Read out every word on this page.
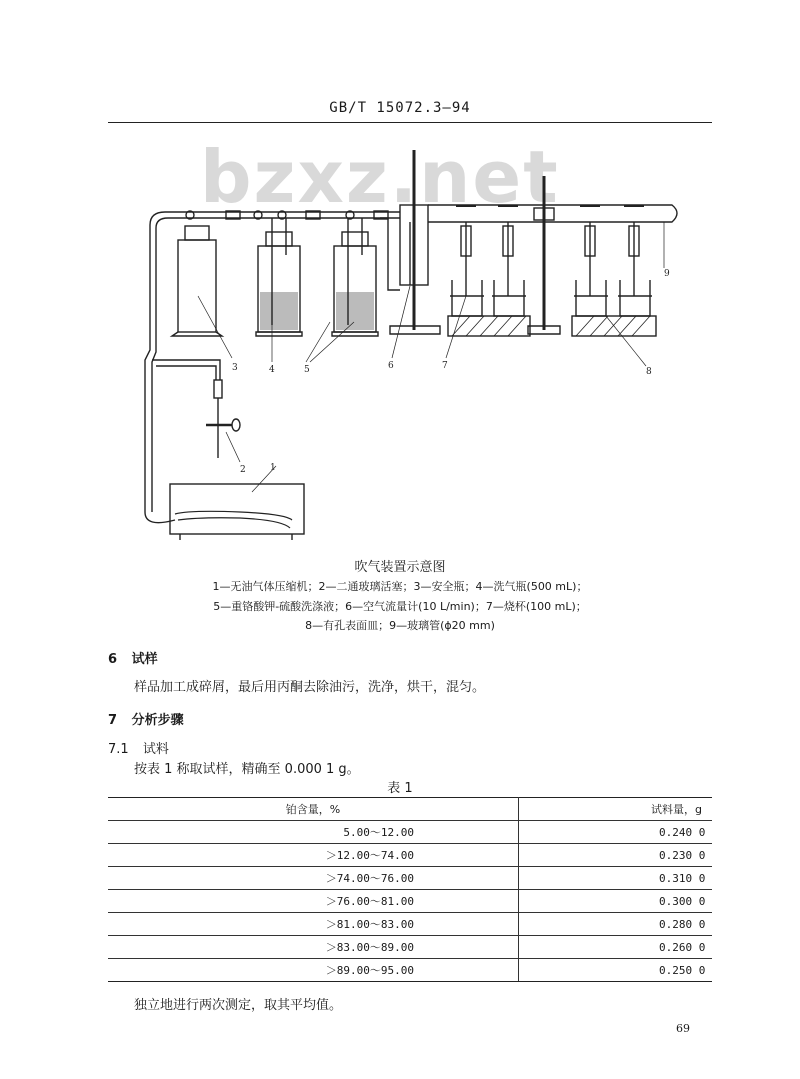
GB/T 15072.3—94
bzxz.net
1
2
3	4	5	6	7
8
9
吹气装置示意图
1—无油气体压缩机；2—二通玻璃活塞；3—安全瓶；4—洗气瓶(500 mL)；
5—重铬酸钾-硫酸洗涤液；6—空气流量计(10 L/min)；7—烧杯(100 mL)；
8—有孔表面皿；9—玻璃管(ϕ20 mm)
6 试样
样品加工成碎屑，最后用丙酮去除油污，洗净，烘干，混匀。
7 分析步骤
7.1 试料
按表 1 称取试样，精确至 0.000 1 g。
表 1
铂含量，%	试料量，g
5.00～12.00	0.240 0
＞12.00～74.00	0.230 0
＞74.00～76.00	0.310 0
＞76.00～81.00	0.300 0
＞81.00～83.00	0.280 0
＞83.00～89.00	0.260 0
＞89.00～95.00	0.250 0
独立地进行两次测定，取其平均值。
69
